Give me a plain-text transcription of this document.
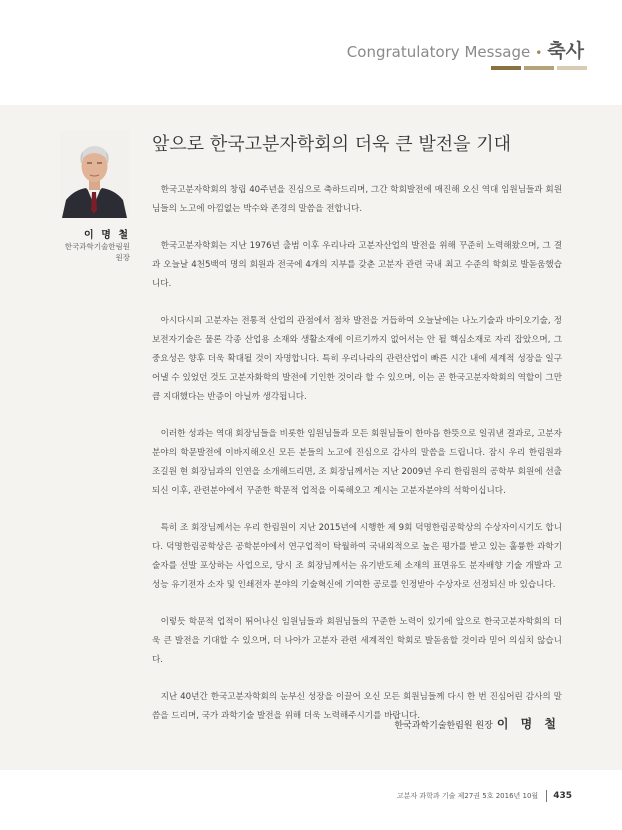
Congratulatory Message • 축사
이 명 철
한국과학기술한림원
원장
앞으로 한국고분자학회의 더욱 큰 발전을 기대

한국고분자학회의 창립 40주년을 진심으로 축하드리며, 그간 학회발전에 매진해 오신 역대 임원님들과 회원님들의 노고에 아낌없는 박수와 존경의 말씀을 전합니다.

한국고분자학회는 지난 1976년 출범 이후 우리나라 고분자산업의 발전을 위해 꾸준히 노력해왔으며, 그 결과 오늘날 4천5백여 명의 회원과 전국에 4개의 지부를 갖춘 고분자 관련 국내 최고 수준의 학회로 발돋움했습니다.

아시다시피 고분자는 전통적 산업의 관점에서 점차 발전을 거듭하여 오늘날에는 나노기술과 바이오기술, 정보전자기술은 물론 각종 산업용 소재와 생활소재에 이르기까지 없어서는 안 될 핵심소재로 자리 잡았으며, 그 중요성은 향후 더욱 확대될 것이 자명합니다. 특히 우리나라의 관련산업이 빠른 시간 내에 세계적 성장을 일구어낼 수 있었던 것도 고분자화학의 발전에 기인한 것이라 할 수 있으며, 이는 곧 한국고분자학회의 역할이 그만큼 지대했다는 반증이 아닐까 생각됩니다.

이러한 성과는 역대 회장님들을 비롯한 임원님들과 모든 회원님들이 한마음 한뜻으로 일궈낸 결과로, 고분자분야의 학문발전에 이바지해오신 모든 분들의 노고에 진심으로 감사의 말씀을 드립니다. 잠시 우리 한림원과 조길원 현 회장님과의 인연을 소개해드리면, 조 회장님께서는 지난 2009년 우리 한림원의 공학부 회원에 선출되신 이후, 관련분야에서 꾸준한 학문적 업적을 이룩해오고 계시는 고분자분야의 석학이십니다.

특히 조 회장님께서는 우리 한림원이 지난 2015년에 시행한 제 9회 덕명한림공학상의 수상자이시기도 합니다. 덕명한림공학상은 공학분야에서 연구업적이 탁월하여 국내외적으로 높은 평가를 받고 있는 훌륭한 과학기술자를 선발 포상하는 사업으로, 당시 조 회장님께서는 유기반도체 소재의 표면유도 분자배향 기술 개발과 고성능 유기전자 소자 및 인쇄전자 분야의 기술혁신에 기여한 공로를 인정받아 수상자로 선정되신 바 있습니다.

이렇듯 학문적 업적이 뛰어나신 임원님들과 회원님들의 꾸준한 노력이 있기에 앞으로 한국고분자학회의 더욱 큰 발전을 기대할 수 있으며, 더 나아가 고분자 관련 세계적인 학회로 발돋움할 것이라 믿어 의심치 않습니다.

지난 40년간 한국고분자학회의 눈부신 성장을 이끌어 오신 모든 회원님들께 다시 한 번 진심어린 감사의 말씀을 드리며, 국가 과학기술 발전을 위해 더욱 노력해주시기를 바랍니다.

한국과학기술한림원 원장 이 명 철
고분자 과학과 기술 제27권 5호 2016년 10월 435
